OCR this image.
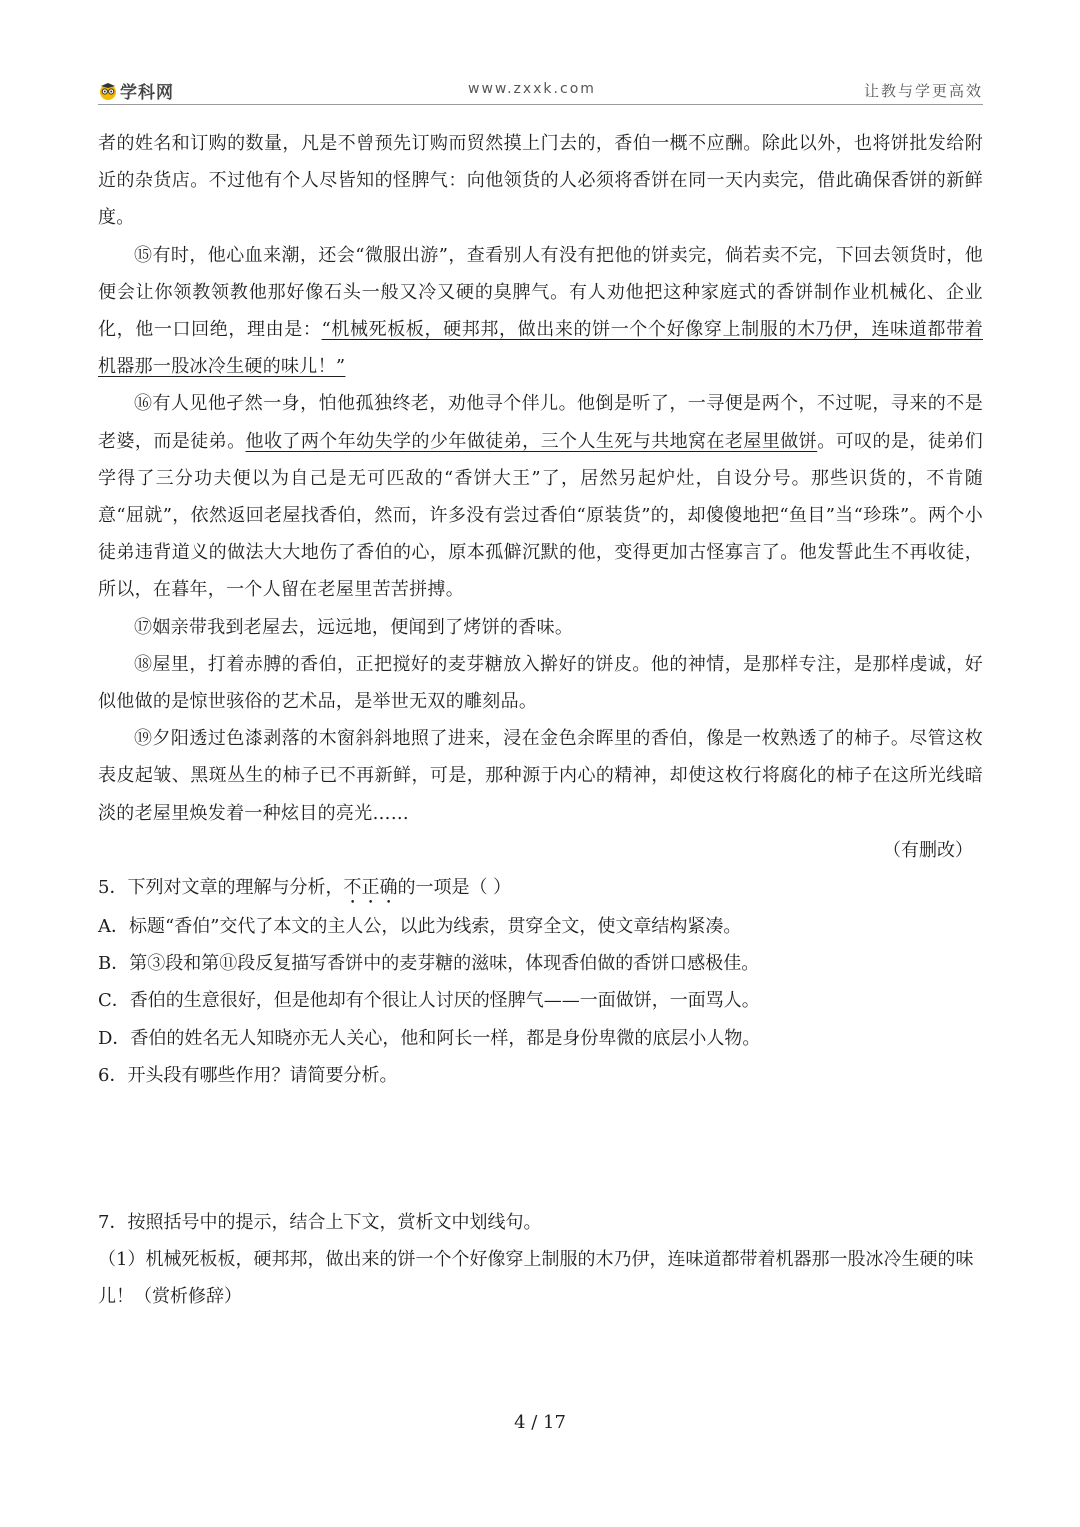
学科网	www.zxxk.com	让教与学更高效

者的姓名和订购的数量，凡是不曾预先订购而贸然摸上门去的，香伯一概不应酬。除此以外，也将饼批发给附近的杂货店。不过他有个人尽皆知的怪脾气：向他领货的人必须将香饼在同一天内卖完，借此确保香饼的新鲜度。

⑮有时，他心血来潮，还会“微服出游”，查看别人有没有把他的饼卖完，倘若卖不完，下回去领货时，他便会让你领教领教他那好像石头一般又冷又硬的臭脾气。有人劝他把这种家庭式的香饼制作业机械化、企业化，他一口回绝，理由是：“机械死板板，硬邦邦，做出来的饼一个个好像穿上制服的木乃伊，连味道都带着机器那一股冰冷生硬的味儿！”

⑯有人见他孑然一身，怕他孤独终老，劝他寻个伴儿。他倒是听了，一寻便是两个，不过呢，寻来的不是老婆，而是徒弟。他收了两个年幼失学的少年做徒弟，三个人生死与共地窝在老屋里做饼。可叹的是，徒弟们学得了三分功夫便以为自己是无可匹敌的“香饼大王”了，居然另起炉灶，自设分号。那些识货的，不肯随意“屈就”，依然返回老屋找香伯，然而，许多没有尝过香伯“原装货”的，却傻傻地把“鱼目”当“珍珠”。两个小徒弟违背道义的做法大大地伤了香伯的心，原本孤僻沉默的他，变得更加古怪寡言了。他发誓此生不再收徒，所以，在暮年，一个人留在老屋里苦苦拼搏。

⑰姻亲带我到老屋去，远远地，便闻到了烤饼的香味。

⑱屋里，打着赤膊的香伯，正把搅好的麦芽糖放入擀好的饼皮。他的神情，是那样专注，是那样虔诚，好似他做的是惊世骇俗的艺术品，是举世无双的雕刻品。

⑲夕阳透过色漆剥落的木窗斜斜地照了进来，浸在金色余晖里的香伯，像是一枚熟透了的柿子。尽管这枚表皮起皱、黑斑丛生的柿子已不再新鲜，可是，那种源于内心的精神，却使这枚行将腐化的柿子在这所光线暗淡的老屋里焕发着一种炫目的亮光……

（有删改）

5．下列对文章的理解与分析，不正确的一项是（ ）

A．标题“香伯”交代了本文的主人公，以此为线索，贯穿全文，使文章结构紧凑。

B．第③段和第⑪段反复描写香饼中的麦芽糖的滋味，体现香伯做的香饼口感极佳。

C．香伯的生意很好，但是他却有个很让人讨厌的怪脾气——一面做饼，一面骂人。

D．香伯的姓名无人知晓亦无人关心，他和阿长一样，都是身份卑微的底层小人物。

6．开头段有哪些作用？请简要分析。

7．按照括号中的提示，结合上下文，赏析文中划线句。

（1）机械死板板，硬邦邦，做出来的饼一个个好像穿上制服的木乃伊，连味道都带着机器那一股冰冷生硬的味儿！（赏析修辞）

4 / 17
